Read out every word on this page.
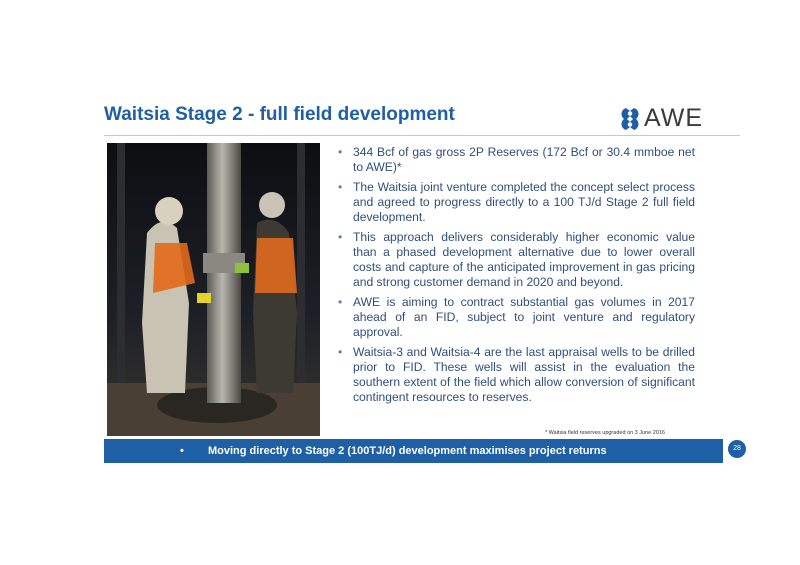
Waitsia Stage 2 - full field development	AWE
• 344 Bcf of gas gross 2P Reserves (172 Bcf or 30.4 mmboe net to AWE)*
• The Waitsia joint venture completed the concept select process and agreed to progress directly to a 100 TJ/d Stage 2 full field development.
• This approach delivers considerably higher economic value than a phased development alternative due to lower overall costs and capture of the anticipated improvement in gas pricing and strong customer demand in 2020 and beyond.
• AWE is aiming to contract substantial gas volumes in 2017 ahead of an FID, subject to joint venture and regulatory approval.
• Waitsia-3 and Waitsia-4 are the last appraisal wells to be drilled prior to FID. These wells will assist in the evaluation the southern extent of the field which allow conversion of significant contingent resources to reserves.
* Waitsia field reserves upgraded on 3 June 2016
• Moving directly to Stage 2 (100TJ/d) development maximises project returns	28
